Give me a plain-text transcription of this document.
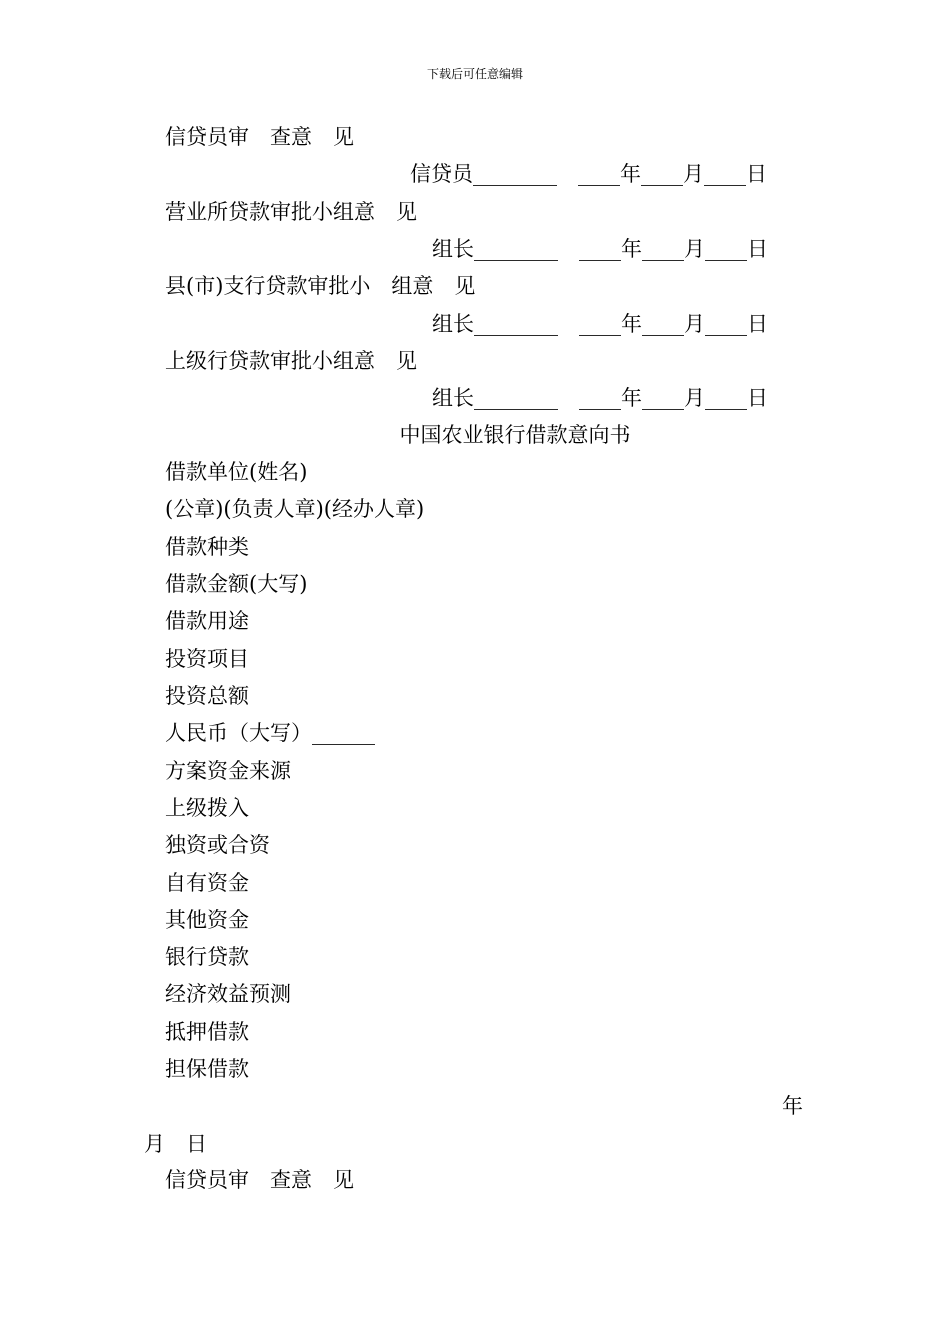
下载后可任意编辑
信贷员审　查意　见
信贷员________　____年____月____日
营业所贷款审批小组意　见
组长________　____年____月____日
县(市)支行贷款审批小　组意　见
组长________　____年____月____日
上级行贷款审批小组意　见
组长________　____年____月____日
中国农业银行借款意向书
借款单位(姓名)
(公章)(负责人章)(经办人章)
借款种类
借款金额(大写)
借款用途
投资项目
投资总额
人民币（大写）______
方案资金来源
上级拨入
独资或合资
自有资金
其他资金
银行贷款
经济效益预测
抵押借款
担保借款
年
月　日
信贷员审　查意　见
